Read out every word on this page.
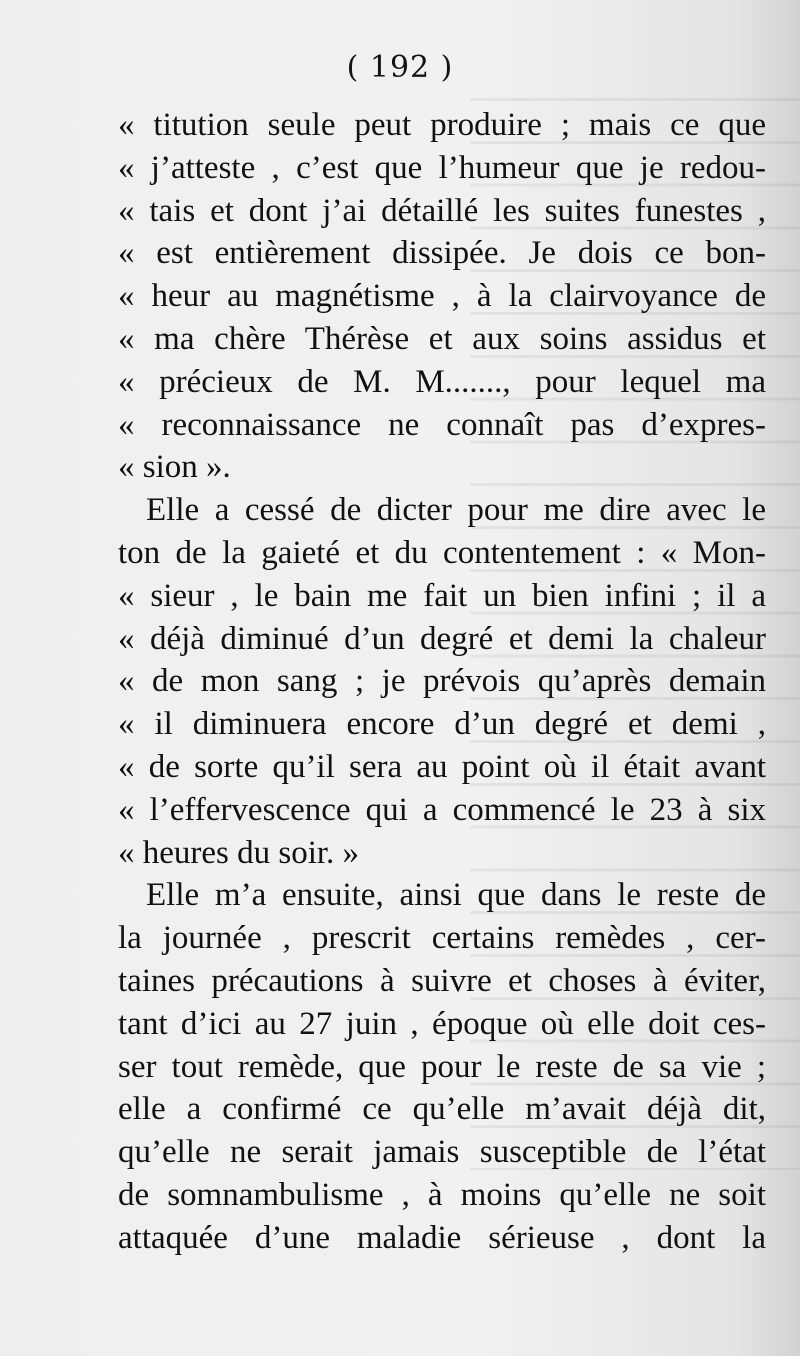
( 192 )
« titution seule peut produire ; mais ce que
« j’atteste , c’est que l’humeur que je redou-
« tais et dont j’ai détaillé les suites funestes ,
« est entièrement dissipée. Je dois ce bon-
« heur au magnétisme , à la clairvoyance de
« ma chère Thérèse et aux soins assidus et
« précieux de M. M......., pour lequel ma
« reconnaissance ne connaît pas d’expres-
« sion ».
Elle a cessé de dicter pour me dire avec le
ton de la gaieté et du contentement : « Mon-
« sieur , le bain me fait un bien infini ; il a
« déjà diminué d’un degré et demi la chaleur
« de mon sang ; je prévois qu’après demain
« il diminuera encore d’un degré et demi ,
« de sorte qu’il sera au point où il était avant
« l’effervescence qui a commencé le 23 à six
« heures du soir. »
Elle m’a ensuite, ainsi que dans le reste de
la journée , prescrit certains remèdes , cer-
taines précautions à suivre et choses à éviter,
tant d’ici au 27 juin , époque où elle doit ces-
ser tout remède, que pour le reste de sa vie ;
elle a confirmé ce qu’elle m’avait déjà dit,
qu’elle ne serait jamais susceptible de l’état
de somnambulisme , à moins qu’elle ne soit
attaquée d’une maladie sérieuse , dont la
